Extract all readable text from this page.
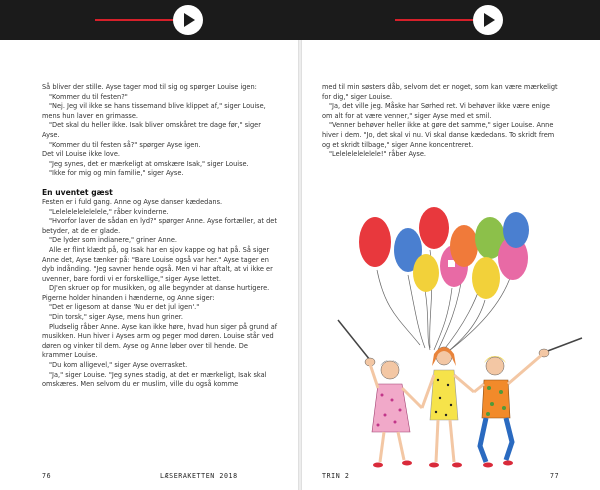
Så bliver der stille. Ayse tager mod til sig og spørger Louise igen:

"Kommer du til festen?"

"Nej. Jeg vil ikke se hans tissemand blive klippet af," siger Louise, mens hun laver en grimasse.

"Det skal du heller ikke. Isak bliver omskåret tre dage før," siger Ayse.

"Kommer du til festen så?" spørger Ayse igen.

Det vil Louise ikke love.

"Jeg synes, det er mærkeligt at omskære Isak," siger Louise.

"Ikke for mig og min familie," siger Ayse.

En uventet gæst

Festen er i fuld gang. Anne og Ayse danser kædedans.

"Lelelelelelelelele," råber kvinderne.

"Hvorfor laver de sådan en lyd?" spørger Anne. Ayse fortæller, at det betyder, at de er glade.

"De lyder som indianere," griner Anne.

Alle er flint klædt på, og Isak har en sjov kappe og hat på. Så siger Anne det, Ayse tænker på: "Bare Louise også var her." Ayse tager en dyb indånding. "Jeg savner hende også. Men vi har aftalt, at vi ikke er uvenner, bare fordi vi er forskellige," siger Ayse lettet.

DJ'en skruer op for musikken, og alle begynder at danse hurtigere. Pigerne holder hinanden i hænderne, og Anne siger:

"Det er ligesom at danse 'Nu er det jul igen'."

"Din torsk," siger Ayse, mens hun griner.

Pludselig råber Anne. Ayse kan ikke høre, hvad hun siger på grund af musikken. Hun hiver i Ayses arm og peger mod døren. Louise står ved døren og vinker til dem. Ayse og Anne løber over til hende. De krammer Louise.

"Du kom alligevel," siger Ayse overrasket.

"Ja," siger Louise. "Jeg synes stadig, at det er mærkeligt, Isak skal omskæres. Men selvom du er muslim, ville du også komme

76	LÆSERAKETTEN 2018

med til min søsters dåb, selvom det er noget, som kan være mærkeligt for dig," siger Louise.

"Ja, det ville jeg. Måske har Sørhed ret. Vi behøver ikke være enige om alt for at være venner," siger Ayse med et smil.

"Venner behøver heller ikke at gøre det samme," siger Louise. Anne hiver i dem. "Jo, det skal vi nu. Vi skal danse kædedans. To skridt frem og et skridt tilbage," siger Anne koncentreret.

"Lelelelelelelele!" råber Ayse.

TRIN 2	77
